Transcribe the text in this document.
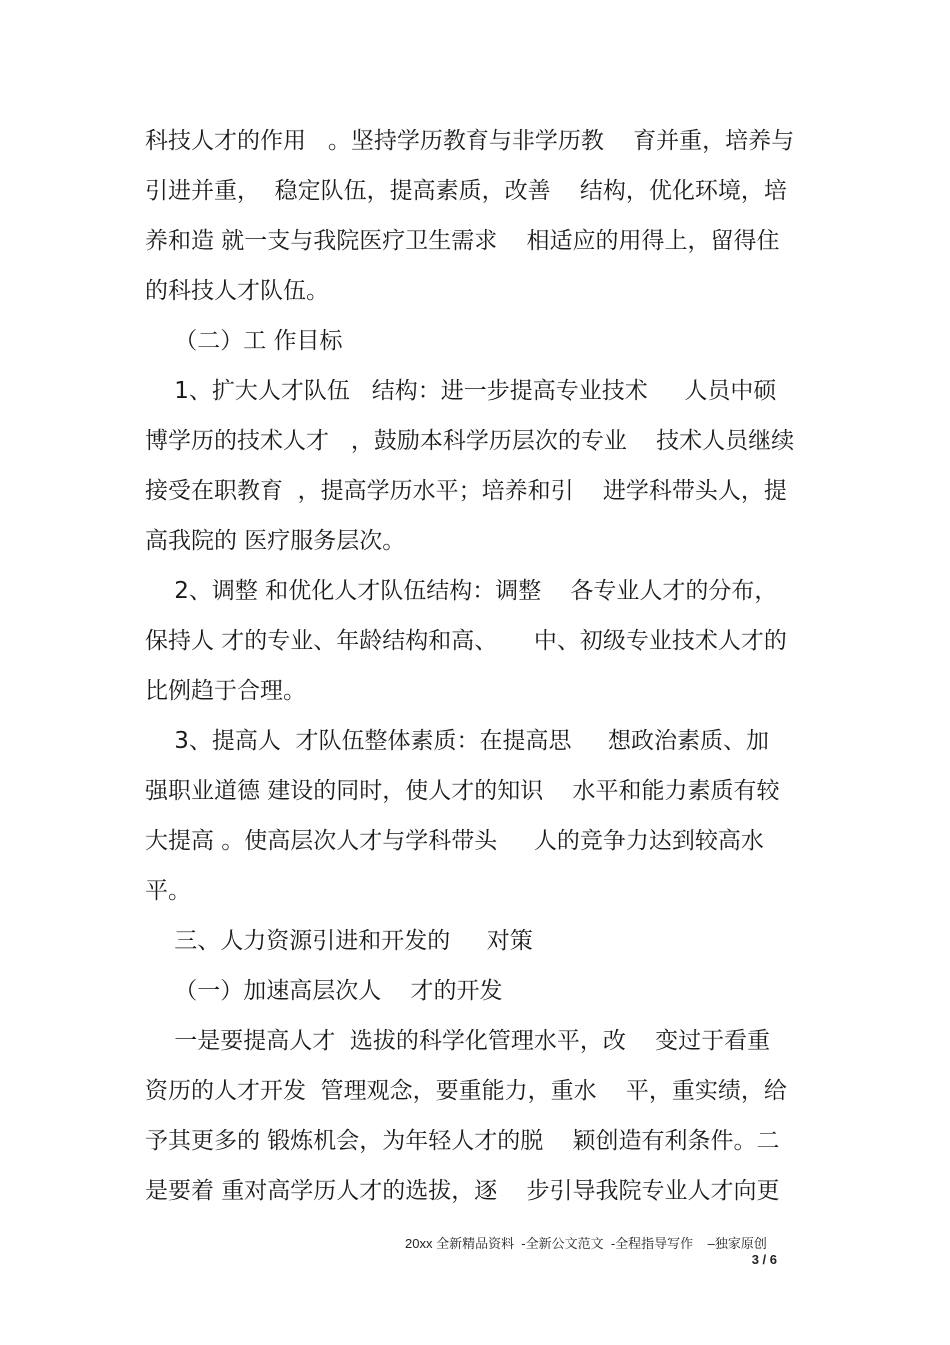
科技人才的作用   。坚持学历教育与非学历教    育并重，培养与
引进并重，  稳定队伍，提高素质，改善    结构，优化环境，培
养和造 就一支与我院医疗卫生需求    相适应的用得上，留得住
的科技人才队伍。
（二）工 作目标
1、扩大人才队伍   结构：进一步提高专业技术     人员中硕
博学历的技术人才   ，鼓励本科学历层次的专业    技术人员继续
接受在职教育  ，提高学历水平；培养和引    进学科带头人，提
高我院的 医疗服务层次。
2、调整 和优化人才队伍结构：调整    各专业人才的分布，
保持人 才的专业、年龄结构和高、     中、初级专业技术人才的
比例趋于合理。
3、提高人  才队伍整体素质：在提高思     想政治素质、加
强职业道德 建设的同时，使人才的知识    水平和能力素质有较
大提高 。使高层次人才与学科带头     人的竞争力达到较高水
平。
三、人力资源引进和开发的     对策
（一）加速高层次人    才的开发
一是要提高人才  选拔的科学化管理水平，改    变过于看重
资历的人才开发  管理观念，要重能力，重水    平，重实绩，给
予其更多的 锻炼机会，为年轻人才的脱    颖创造有利条件。二
是要着 重对高学历人才的选拔，逐    步引导我院专业人才向更
20xx 全新精品资料  -全新公文范文  -全程指导写作    –独家原创
3 / 6
